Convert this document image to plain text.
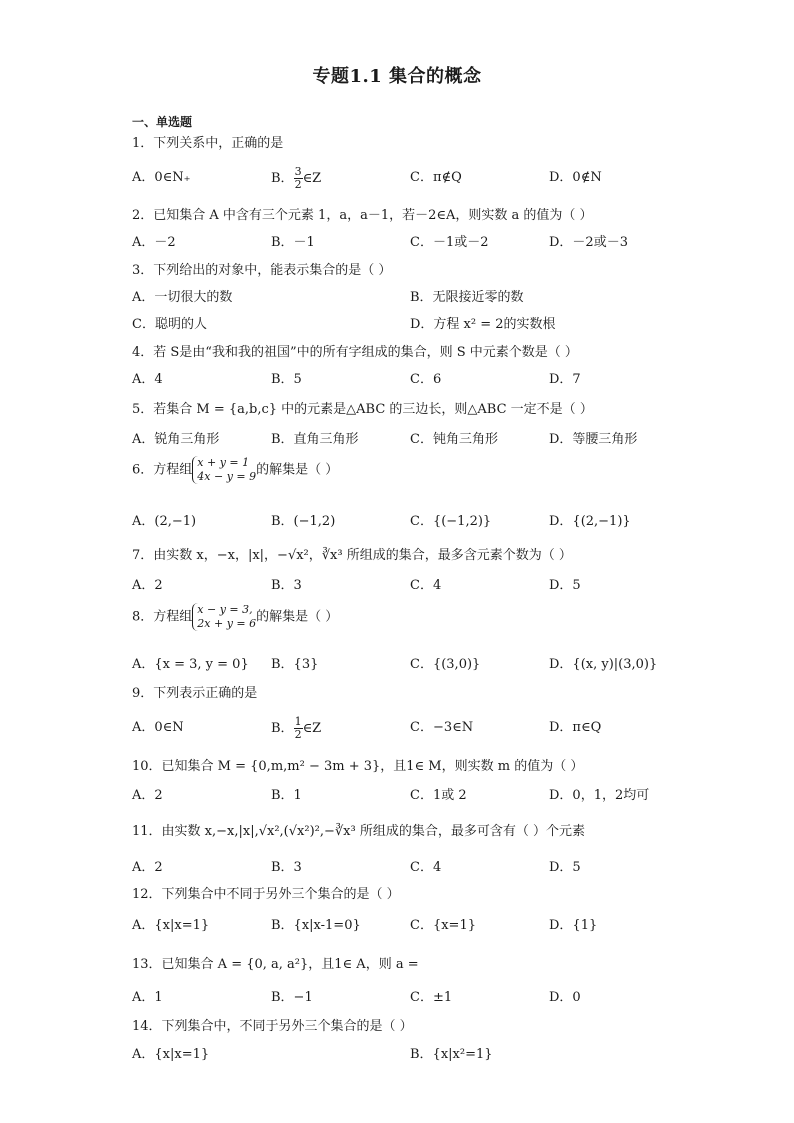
专题1.1 集合的概念
一、单选题
1．下列关系中，正确的是
A．0∈N₊	B． $\frac{3}{2}$ ∈Z	C．π∉Q	D．0∉N
2．已知集合 A 中含有三个元素 1，a，a－1，若－2∈A，则实数 a 的值为（ ）
A．－2	B．－1	C．－1或－2	D．－2或－3
3．下列给出的对象中，能表示集合的是（ ）
A．一切很大的数	B．无限接近零的数
C．聪明的人	D．方程 x² = 2的实数根
4．若 S是由“我和我的祖国”中的所有字组成的集合，则 S 中元素个数是（ ）
A．4	B．5	C．6	D．7
5．若集合 M = {a,b,c} 中的元素是△ABC 的三边长，则△ABC 一定不是（ ）
A．锐角三角形	B．直角三角形	C．钝角三角形	D．等腰三角形
6．方程组 x + y = 1
4x − y = 9 的解集是（ ）
A．(2,−1)	B．(−1,2)	C．{(−1,2)}	D．{(2,−1)}
7．由实数 x，−x，|x|，−√x²，∛x³ 所组成的集合，最多含元素个数为（ ）
A．2	B．3	C．4	D．5
8．方程组 x − y = 3,
2x + y = 6 的解集是（ ）
A．{x = 3, y = 0} B．{3}	C．{(3,0)}	D．{(x, y)|(3,0)}
9．下列表示正确的是
A．0∈N	B． $\frac{1}{2}$ ∈Z	C．−3∈N	D．π∈Q
10．已知集合 M = {0,m,m² − 3m + 3}，且1∈ M，则实数 m 的值为（ ）
A．2	B．1	C．1或 2	D．0，1，2均可
11．由实数 x,−x,|x|,√x²,(√x²)²,−∛x³ 所组成的集合，最多可含有（ ）个元素
A．2	B．3	C．4	D．5
12．下列集合中不同于另外三个集合的是（ ）
A．{x|x=1}	B．{x|x-1=0}	C．{x=1}	D．{1}
13．已知集合 A = {0, a, a²}，且1∈ A，则 a =
A．1	B．−1	C．±1	D．0
14．下列集合中，不同于另外三个集合的是（ ）
A．{x|x=1}	B．{x|x²=1}
